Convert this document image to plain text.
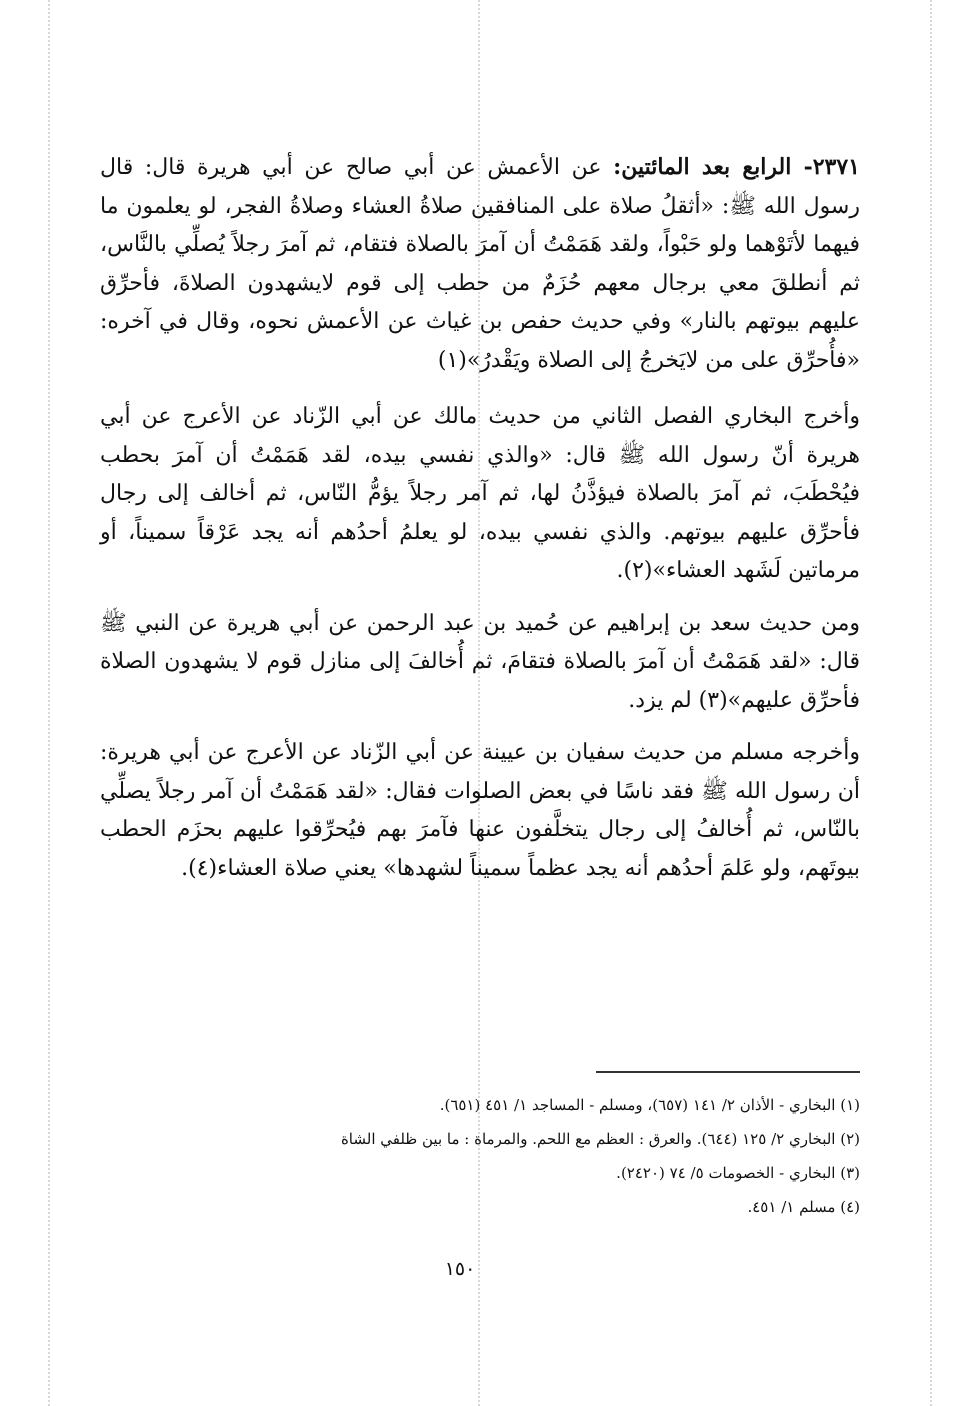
٢٣٧١- الرابع بعد المائتين: عن الأعمش عن أبي صالح عن أبي هريرة قال: قال رسول الله ﷺ: «أثقلُ صلاة على المنافقين صلاةُ العشاء وصلاةُ الفجر، لو يعلمون ما فيهما لأتَوْهما ولو حَبْواً، ولقد هَمَمْتُ أن آمرَ بالصلاة فتقام، ثم آمرَ رجلاً يُصلِّي بالنَّاس، ثم أنطلقَ معي برجال معهم حُزَمٌ من حطب إلى قوم لايشهدون الصلاةَ، فأحرِّق عليهم بيوتهم بالنار» وفي حديث حفص بن غياث عن الأعمش نحوه، وقال في آخره: «فأُحرِّق على من لايَخرجُ إلى الصلاة ويَقْدرُ»(١)

وأخرج البخاري الفصل الثاني من حديث مالك عن أبي الزّناد عن الأعرج عن أبي هريرة أنّ رسول الله ﷺ قال: «والذي نفسي بيده، لقد هَمَمْتُ أن آمرَ بحطب فيُحْطَبَ، ثم آمرَ بالصلاة فيؤذَّنُ لها، ثم آمر رجلاً يؤمُّ النّاس، ثم أخالف إلى رجال فأحرِّق عليهم بيوتهم. والذي نفسي بيده، لو يعلمُ أحدُهم أنه يجد عَرْقاً سميناً، أو مرماتين لَشَهد العشاء»(٢).

ومن حديث سعد بن إبراهيم عن حُميد بن عبد الرحمن عن أبي هريرة عن النبي ﷺ قال: «لقد هَمَمْتُ أن آمرَ بالصلاة فتقامَ، ثم أُخالفَ إلى منازل قوم لا يشهدون الصلاة فأحرِّق عليهم»(٣) لم يزد.

وأخرجه مسلم من حديث سفيان بن عيينة عن أبي الزّناد عن الأعرج عن أبي هريرة: أن رسول الله ﷺ فقد ناسًا في بعض الصلوات فقال: «لقد هَمَمْتُ أن آمر رجلاً يصلِّي بالنّاس، ثم أُخالفُ إلى رجال يتخلَّفون عنها فآمرَ بهم فيُحرِّقوا عليهم بحزَم الحطب بيوتَهم، ولو عَلمَ أحدُهم أنه يجد عظماً سميناً لشهدها» يعني صلاة العشاء(٤).

(١) البخاري - الأذان ٢/ ١٤١ (٦٥٧)، ومسلم - المساجد ١/ ٤٥١ (٦٥١).

(٢) البخاري ٢/ ١٢٥ (٦٤٤). والعرق : العظم مع اللحم. والمرماة : ما بين ظلفي الشاة

(٣) البخاري - الخصومات ٥/ ٧٤ (٢٤٢٠).

(٤) مسلم ١/ ٤٥١.

١٥٠
